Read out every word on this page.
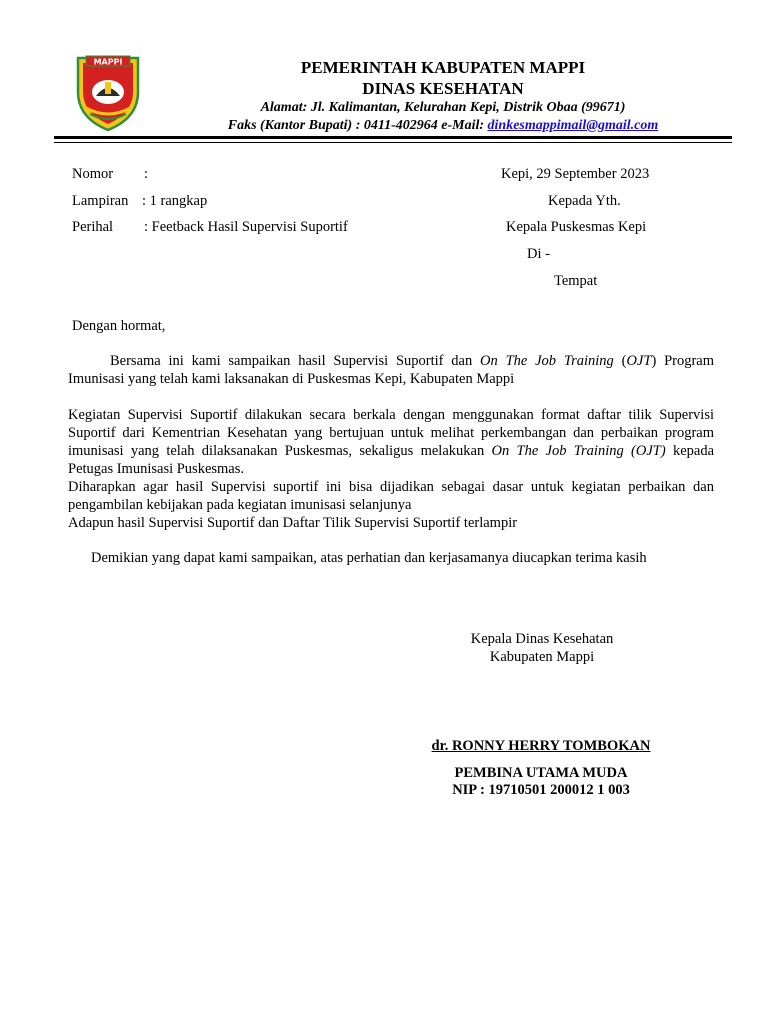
MAPPI	PEMERINTAH KABUPATEN MAPPI
DINAS KESEHATAN
Alamat: Jl. Kalimantan, Kelurahan Kepi, Distrik Obaa (99671)
Faks (Kantor Bupati) : 0411-402964 e-Mail: dinkesmappimail@gmail.com
Nomor :
Lampiran : 1 rangkap
Perihal : Feetback Hasil Supervisi Suportif
Kepi, 29 September 2023
Kepada Yth.
Kepala Puskesmas Kepi
Di -
Tempat
Dengan hormat,
Bersama ini kami sampaikan hasil Supervisi Suportif dan On The Job Training (OJT) Program Imunisasi yang telah kami laksanakan di Puskesmas Kepi, Kabupaten Mappi
Kegiatan Supervisi Suportif dilakukan secara berkala dengan menggunakan format daftar tilik Supervisi Suportif dari Kementrian Kesehatan yang bertujuan untuk melihat perkembangan dan perbaikan program imunisasi yang telah dilaksanakan Puskesmas, sekaligus melakukan On The Job Training (OJT) kepada Petugas Imunisasi Puskesmas.
Diharapkan agar hasil Supervisi suportif ini bisa dijadikan sebagai dasar untuk kegiatan perbaikan dan pengambilan kebijakan pada kegiatan imunisasi selanjunya
Adapun hasil Supervisi Suportif dan Daftar Tilik Supervisi Suportif terlampir
Demikian yang dapat kami sampaikan, atas perhatian dan kerjasamanya diucapkan terima kasih
Kepala Dinas Kesehatan
Kabupaten Mappi
dr. RONNY HERRY TOMBOKAN
PEMBINA UTAMA MUDA
NIP : 19710501 200012 1 003
